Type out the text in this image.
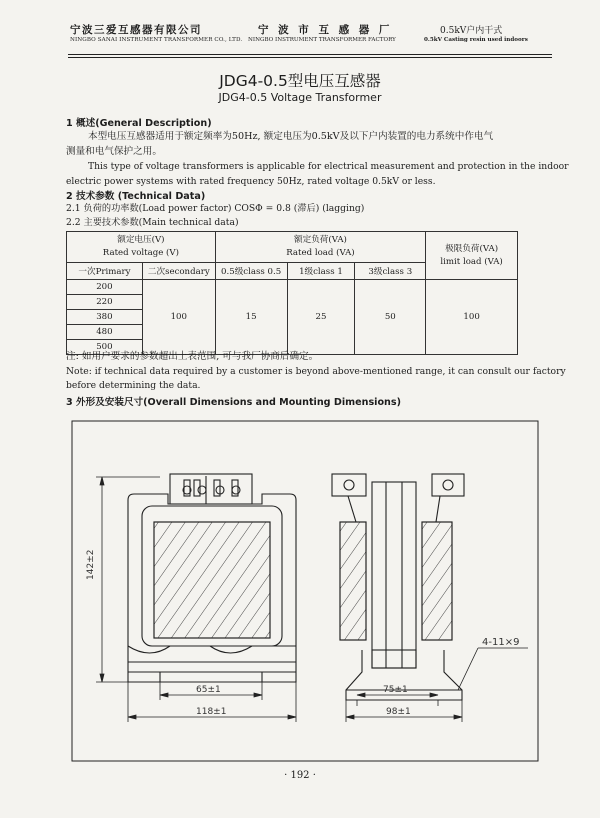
宁波三爱互感器有限公司
NINGBO SANAI INSTRUMENT TRANSFORMER CO., LTD.
宁 波 市 互 感 器 厂
NINGBO INSTRUMENT TRANSFORMER FACTORY
0.5kV户内干式
0.5kV Casting resin used indoors
JDG4-0.5型电压互感器
JDG4-0.5 Voltage Transformer
1 概述(General Description)
本型电压互感器适用于额定频率为50Hz, 额定电压为0.5kV及以下户内装置的电力系统中作电气
测量和电气保护之用。
This type of voltage transformers is applicable for electrical measurement and protection in the indoor
electric power systems with rated frequency 50Hz, rated voltage 0.5kV or less.
2 技术参数 (Technical Data)
2.1 负荷的功率数(Load power factor) COSΦ = 0.8 (滞后) (lagging)
2.2 主要技术参数(Main technical data)
额定电压(V)
Rated voltage (V)		额定负荷(VA)
Rated load (VA)			极限负荷(VA)
limit load (VA)
一次Primary	二次secondary	0.5级class 0.5	1级class 1	3级class 3	
200	100	15	25	50	100
220					
380					
480					
500					
注: 如用户要求的参数超出上表范围, 可与我厂协商后确定。
Note: if technical data required by a customer is beyond above-mentioned range, it can consult our factory
before determining the data.
3 外形及安装尺寸(Overall Dimensions and Mounting Dimensions)
142±2
65±1
118±1
75±1
98±1
4-11×9
· 192 ·
